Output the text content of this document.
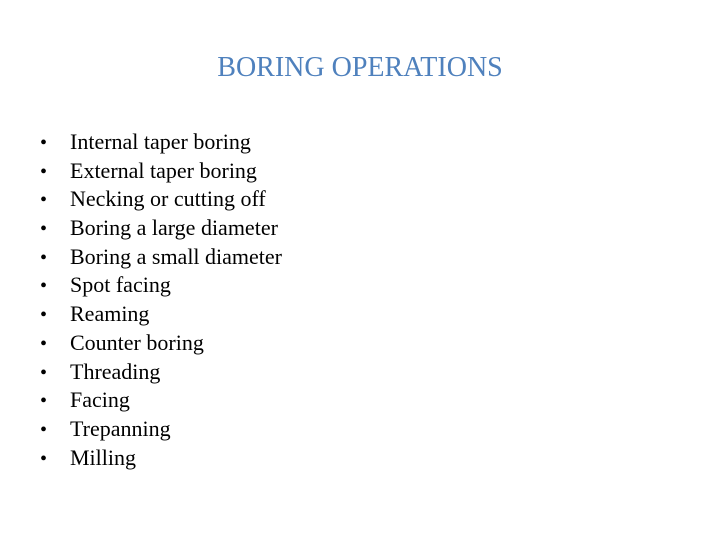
BORING OPERATIONS
•	Internal taper boring
•	External taper boring
•	Necking or cutting off
•	Boring a large diameter
•	Boring a small diameter
•	Spot facing
•	Reaming
•	Counter boring
•	Threading
•	Facing
•	Trepanning
•	Milling
